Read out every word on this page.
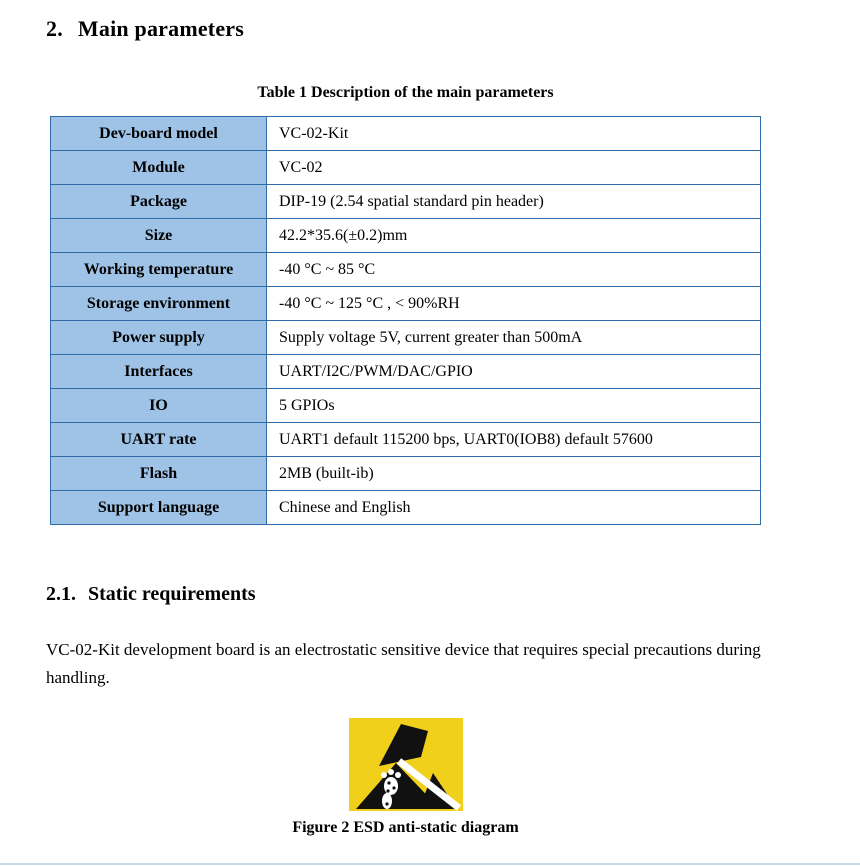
2. Main parameters
Table 1 Description of the main parameters
Dev-board model	VC-02-Kit
Module	VC-02
Package	DIP-19 (2.54 spatial standard pin header)
Size	42.2*35.6(±0.2)mm
Working temperature	-40 °C ~ 85 °C
Storage environment	-40 °C ~ 125 °C , < 90%RH
Power supply	Supply voltage 5V, current greater than 500mA
Interfaces	UART/I2C/PWM/DAC/GPIO
IO	5 GPIOs
UART rate	UART1 default 115200 bps, UART0(IOB8) default 57600
Flash	2MB (built-ib)
Support language	Chinese and English
2.1. Static requirements

VC-02-Kit development board is an electrostatic sensitive device that requires special precautions during handling.

Figure 2 ESD anti-static diagram
